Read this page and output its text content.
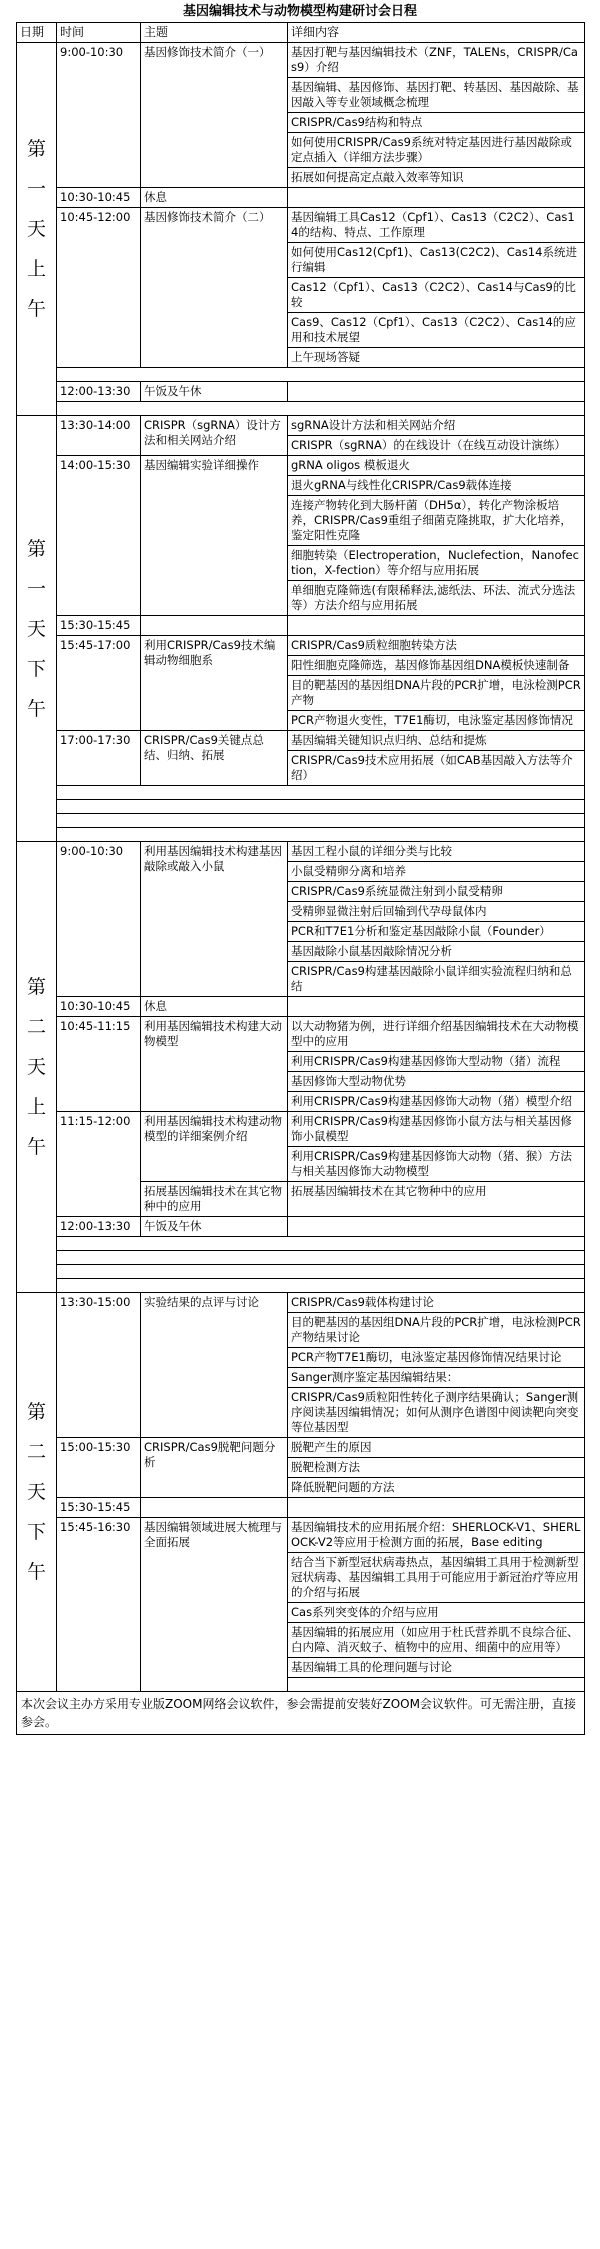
基因编辑技术与动物模型构建研讨会日程
日期	时间	主题	详细内容
第一天上午	9:00-10:30	基因修饰技术简介（一）	基因打靶与基因编辑技术（ZNF，TALENs，CRISPR/Cas9）介绍
			基因编辑、基因修饰、基因打靶、转基因、基因敲除、基因敲入等专业领域概念梳理
			CRISPR/Cas9结构和特点
			如何使用CRISPR/Cas9系统对特定基因进行基因敲除或定点插入（详细方法步骤）
			拓展如何提高定点敲入效率等知识
	10:30-10:45	休息	
	10:45-12:00	基因修饰技术简介（二）	基因编辑工具Cas12（Cpf1）、Cas13（C2C2）、Cas14的结构、特点、工作原理
			如何使用Cas12(Cpf1)、Cas13(C2C2)、Cas14系统进行编辑
			Cas12（Cpf1）、Cas13（C2C2）、Cas14与Cas9的比较
			Cas9、Cas12（Cpf1）、Cas13（C2C2）、Cas14的应用和技术展望
			上午现场答疑

	12:00-13:30	午饭及午休	

第一天下午	13:30-14:00	CRISPR（sgRNA）设计方法和相关网站介绍	sgRNA设计方法和相关网站介绍
			CRISPR（sgRNA）的在线设计（在线互动设计演练）
	14:00-15:30	基因编辑实验详细操作	gRNA oligos 模板退火
			退火gRNA与线性化CRISPR/Cas9载体连接
			连接产物转化到大肠杆菌（DH5α），转化产物涂板培养，CRISPR/Cas9重组子细菌克隆挑取，扩大化培养，鉴定阳性克隆
			细胞转染（Electroperation，Nuclefection，Nanofection，X-fection）等介绍与应用拓展
			单细胞克隆筛选(有限稀释法,滤纸法、环法、流式分选法等）方法介绍与应用拓展
	15:30-15:45		
	15:45-17:00	利用CRISPR/Cas9技术编辑动物细胞系	CRISPR/Cas9质粒细胞转染方法
			阳性细胞克隆筛选，基因修饰基因组DNA模板快速制备
			目的靶基因的基因组DNA片段的PCR扩增，电泳检测PCR产物
			PCR产物退火变性，T7E1酶切，电泳鉴定基因修饰情况
	17:00-17:30	CRISPR/Cas9关键点总结、归纳、拓展	基因编辑关键知识点归纳、总结和提炼
			CRISPR/Cas9技术应用拓展（如CAB基因敲入方法等介绍）

第二天上午	9:00-10:30	利用基因编辑技术构建基因敲除或敲入小鼠	基因工程小鼠的详细分类与比较
			小鼠受精卵分离和培养
			CRISPR/Cas9系统显微注射到小鼠受精卵
			受精卵显微注射后回输到代孕母鼠体内
			PCR和T7E1分析和鉴定基因敲除小鼠（Founder）
			基因敲除小鼠基因敲除情况分析
			CRISPR/Cas9构建基因敲除小鼠详细实验流程归纳和总结
	10:30-10:45	休息	
	10:45-11:15	利用基因编辑技术构建大动物模型	以大动物猪为例，进行详细介绍基因编辑技术在大动物模型中的应用
			利用CRISPR/Cas9构建基因修饰大型动物（猪）流程
			基因修饰大型动物优势
			利用CRISPR/Cas9构建基因修饰大动物（猪）模型介绍
	11:15-12:00	利用基因编辑技术构建动物模型的详细案例介绍	利用CRISPR/Cas9构建基因修饰小鼠方法与相关基因修饰小鼠模型
			利用CRISPR/Cas9构建基因修饰大动物（猪、猴）方法与相关基因修饰大动物模型
		拓展基因编辑技术在其它物种中的应用	拓展基因编辑技术在其它物种中的应用
	12:00-13:30	午饭及午休	

第二天下午	13:30-15:00	实验结果的点评与讨论	CRISPR/Cas9载体构建讨论
			目的靶基因的基因组DNA片段的PCR扩增，电泳检测PCR产物结果讨论
			PCR产物T7E1酶切，电泳鉴定基因修饰情况结果讨论
			Sanger测序鉴定基因编辑结果：
			CRISPR/Cas9质粒阳性转化子测序结果确认；Sanger测序阅读基因编辑情况；如何从测序色谱图中阅读靶向突变等位基因型
	15:00-15:30	CRISPR/Cas9脱靶问题分析	脱靶产生的原因
			脱靶检测方法
			降低脱靶问题的方法
	15:30-15:45		
	15:45-16:30	基因编辑领域进展大梳理与全面拓展	基因编辑技术的应用拓展介绍：SHERLOCK-V1、SHERLOCK-V2等应用于检测方面的拓展，Base editing
			结合当下新型冠状病毒热点，基因编辑工具用于检测新型冠状病毒、基因编辑工具用于可能应用于新冠治疗等应用的介绍与拓展
			Cas系列突变体的介绍与应用
			基因编辑的拓展应用（如应用于杜氏营养肌不良综合征、白内障、消灭蚊子、植物中的应用、细菌中的应用等）
			基因编辑工具的伦理问题与讨论

本次会议主办方采用专业版ZOOM网络会议软件，参会需提前安装好ZOOM会议软件。可无需注册，直接参会。			
